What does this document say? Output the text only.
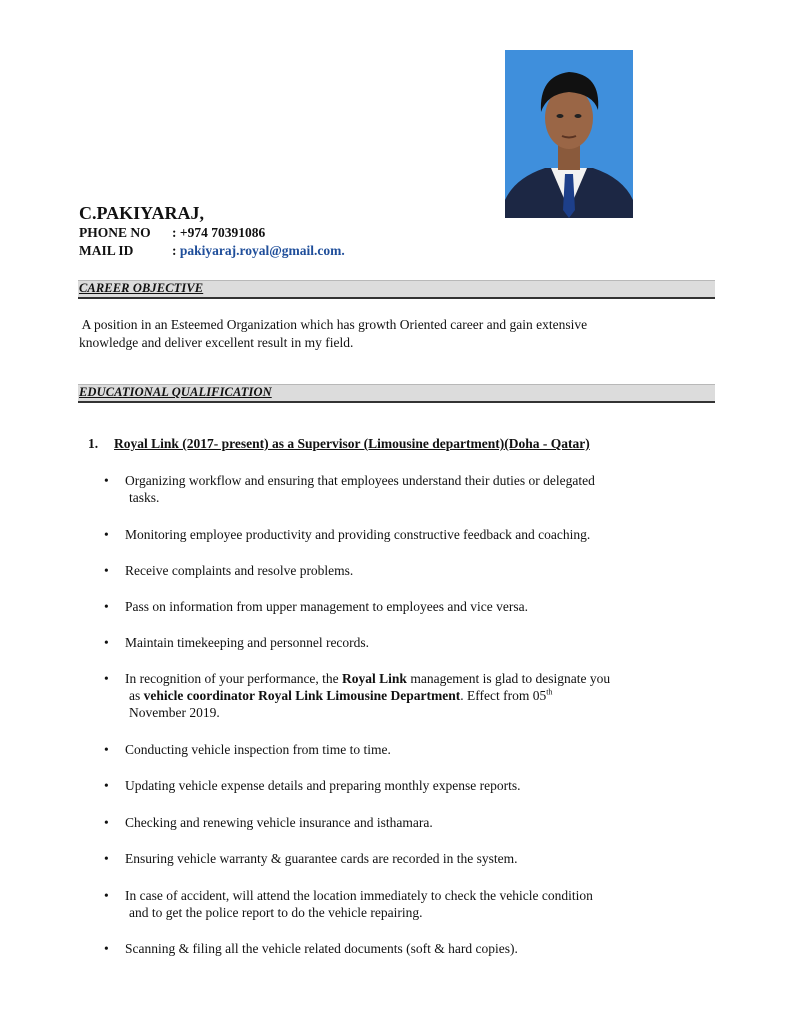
C.PAKIYARAJ,
PHONE NO : +974 70391086
MAIL ID	: pakiyaraj.royal@gmail.com.
CAREER OBJECTIVE
A position in an Esteemed Organization which has growth Oriented career and gain extensive
knowledge and deliver excellent result in my field.
EDUCATIONAL QUALIFICATION
1. Royal Link (2017- present) as a Supervisor (Limousine department)(Doha - Qatar)
•	Organizing workflow and ensuring that employees understand their duties or delegated
tasks.
•	Monitoring employee productivity and providing constructive feedback and coaching.
•	Receive complaints and resolve problems.
•	Pass on information from upper management to employees and vice versa.
•	Maintain timekeeping and personnel records.
•	In recognition of your performance, the Royal Link management is glad to designate you
as vehicle coordinator Royal Link Limousine Department. Effect from 05th
November 2019.
•	Conducting vehicle inspection from time to time.
•	Updating vehicle expense details and preparing monthly expense reports.
•	Checking and renewing vehicle insurance and isthamara.
•	Ensuring vehicle warranty & guarantee cards are recorded in the system.
•	In case of accident, will attend the location immediately to check the vehicle condition
and to get the police report to do the vehicle repairing.
•	Scanning & filing all the vehicle related documents (soft & hard copies).
